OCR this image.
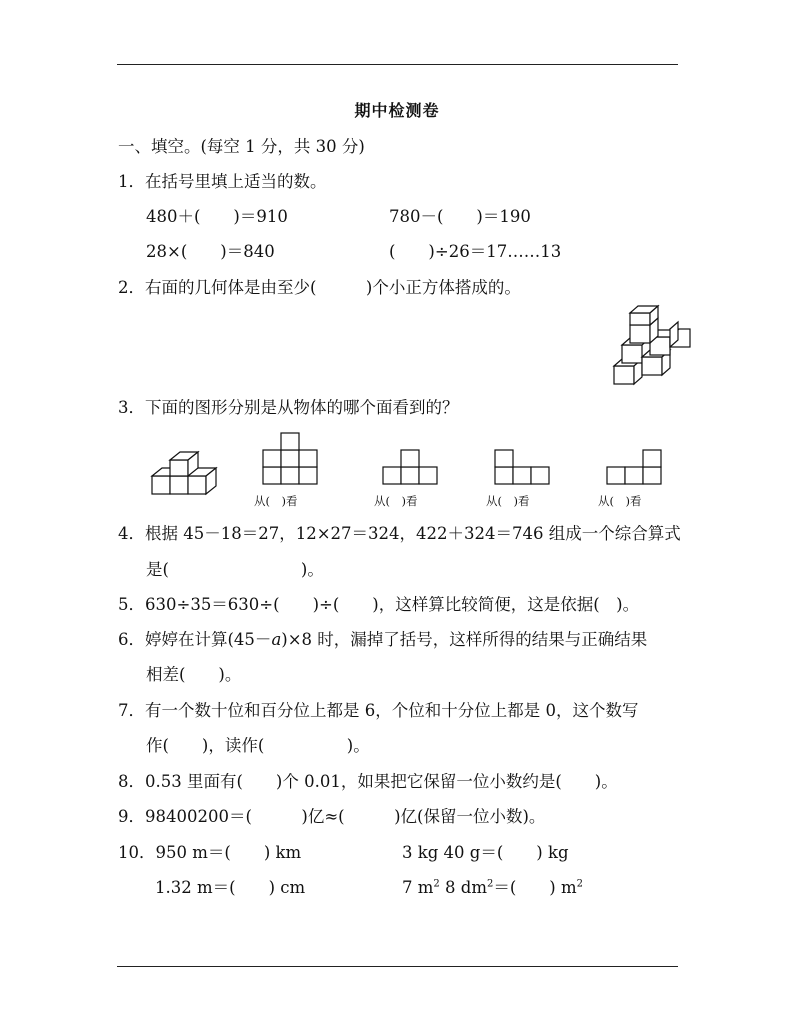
期中检测卷
一、填空。(每空 1 分，共 30 分)
1．在括号里填上适当的数。
480＋(　　)＝910	780－(　　)＝190
28×(　　)＝840	(　　)÷26＝17……13
2．右面的几何体是由至少(　　　)个小正方体搭成的。
3．下面的图形分别是从物体的哪个面看到的？
从(　)看	从(　)看	从(　)看	从(　)看
4．根据 45－18＝27，12×27＝324，422＋324＝746 组成一个综合算式
是(　　　　　　　　)。
5．630÷35＝630÷(　　)÷(　　)，这样算比较简便，这是依据(　)。
6．婷婷在计算(45－a)×8 时，漏掉了括号，这样所得的结果与正确结果
相差(　　)。
7．有一个数十位和百分位上都是 6，个位和十分位上都是 0，这个数写
作(　　)，读作(　　　　　)。
8．0.53 里面有(　　)个 0.01，如果把它保留一位小数约是(　　)。
9．98400200＝(　　　)亿≈(　　　)亿(保留一位小数)。
10．950 m＝(　　) km	3 kg 40 g＝(　　) kg
1.32 m＝(　　) cm	7 $m^2$ 8 $dm^2=$(　　) $m^2$
